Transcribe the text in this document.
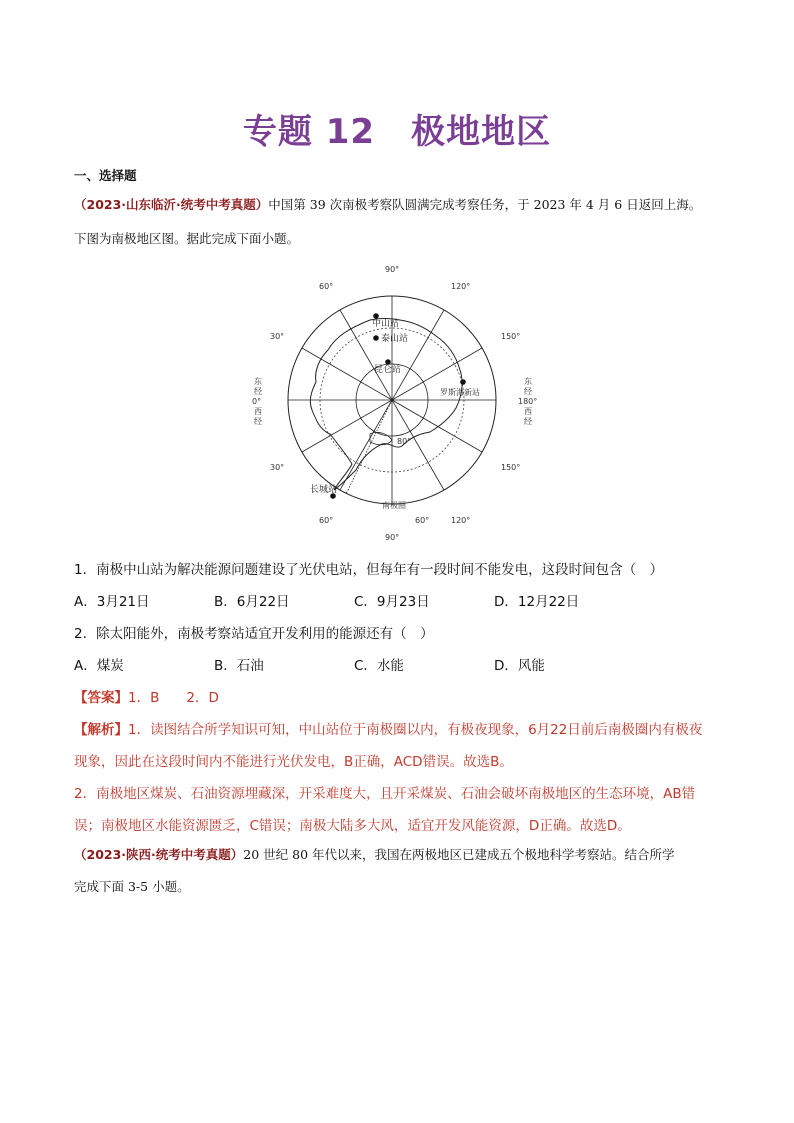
专题 12 极地地区
一、选择题
（2023·山东临沂·统考中考真题）中国第 39 次南极考察队圆满完成考察任务，于 2023 年 4 月 6 日返回上海。
下图为南极地区图。据此完成下面小题。
90°
60°	120°
30°	150°
30°	150°
90°
60°	120°
60°
80°
东
经
0°
西
经
东
经
180°
西
经
中山站
泰山站
昆仑站
罗斯海新站
长城站
南极圈
1．南极中山站为解决能源问题建设了光伏电站，但每年有一段时间不能发电，这段时间包含（　）
A．3月21日	B．6月22日	C．9月23日	D．12月22日
2．除太阳能外，南极考察站适宜开发利用的能源还有（　）
A．煤炭	B．石油	C．水能	D．风能
【答案】1．B　　2．D
【解析】1．读图结合所学知识可知，中山站位于南极圈以内，有极夜现象，6月22日前后南极圈内有极夜
现象，因此在这段时间内不能进行光伏发电，B正确，ACD错误。故选B。
2．南极地区煤炭、石油资源埋藏深，开采难度大，且开采煤炭、石油会破坏南极地区的生态环境，AB错
误；南极地区水能资源匮乏，C错误；南极大陆多大风，适宜开发风能资源，D正确。故选D。
（2023·陕西·统考中考真题）20 世纪 80 年代以来，我国在两极地区已建成五个极地科学考察站。结合所学
完成下面 3-5 小题。
